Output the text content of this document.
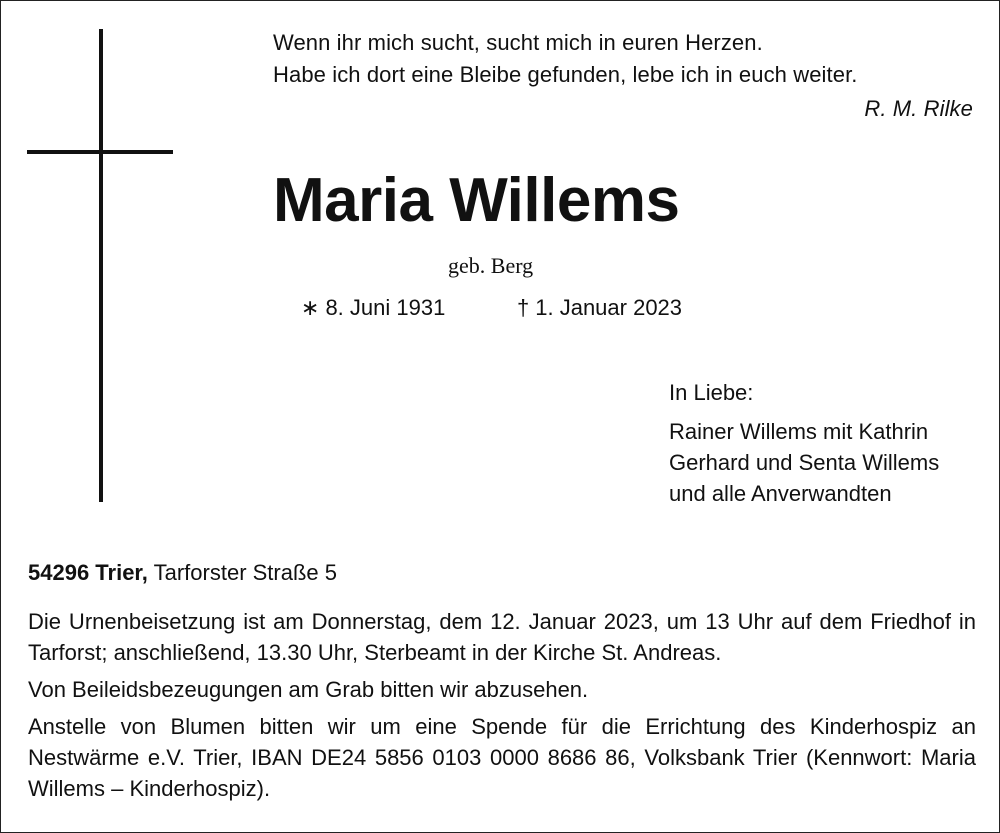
Wenn ihr mich sucht, sucht mich in euren Herzen.
Habe ich dort eine Bleibe gefunden, lebe ich in euch weiter.
R. M. Rilke
Maria Willems
geb. Berg
∗ 8. Juni 1931	† 1. Januar 2023
In Liebe:
Rainer Willems mit Kathrin
Gerhard und Senta Willems
und alle Anverwandten
54296 Trier, Tarforster Straße 5

Die Urnenbeisetzung ist am Donnerstag, dem 12. Januar 2023, um 13 Uhr auf dem Friedhof in Tarforst; anschließend, 13.30 Uhr, Sterbeamt in der Kirche St. Andreas.

Von Beileidsbezeugungen am Grab bitten wir abzusehen.

Anstelle von Blumen bitten wir um eine Spende für die Errichtung des Kinderhospiz an Nestwärme e.V. Trier, IBAN DE24 5856 0103 0000 8686 86, Volksbank Trier (Kennwort: Maria Willems – Kinderhospiz).
